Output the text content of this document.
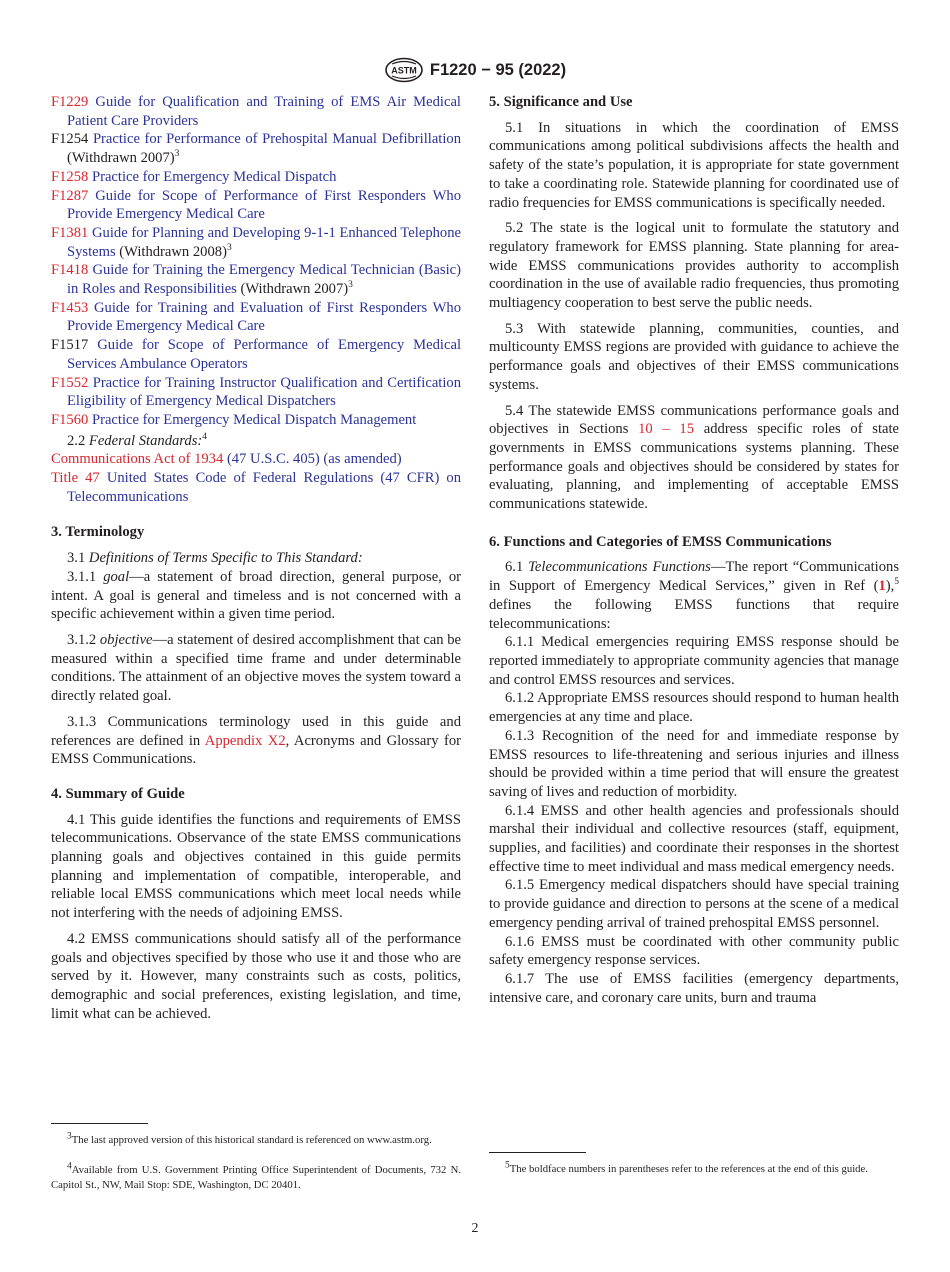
ASTM F1220 − 95 (2022)
F1229 Guide for Qualification and Training of EMS Air Medical Patient Care Providers
F1254 Practice for Performance of Prehospital Manual Defibrillation (Withdrawn 2007)$^3$
F1258 Practice for Emergency Medical Dispatch
F1287 Guide for Scope of Performance of First Responders Who Provide Emergency Medical Care
F1381 Guide for Planning and Developing 9-1-1 Enhanced Telephone Systems (Withdrawn 2008)$^3$
F1418 Guide for Training the Emergency Medical Technician (Basic) in Roles and Responsibilities (Withdrawn 2007)$^3$
F1453 Guide for Training and Evaluation of First Responders Who Provide Emergency Medical Care
F1517 Guide for Scope of Performance of Emergency Medical Services Ambulance Operators
F1552 Practice for Training Instructor Qualification and Certification Eligibility of Emergency Medical Dispatchers
F1560 Practice for Emergency Medical Dispatch Management
2.2 Federal Standards:$^4$
Communications Act of 1934 (47 U.S.C. 405) (as amended)
Title 47 United States Code of Federal Regulations (47 CFR) on Telecommunications
3. Terminology
3.1 Definitions of Terms Specific to This Standard:
3.1.1 goal—a statement of broad direction, general purpose, or intent. A goal is general and timeless and is not concerned with a specific achievement within a given time period.
3.1.2 objective—a statement of desired accomplishment that can be measured within a specified time frame and under determinable conditions. The attainment of an objective moves the system toward a directly related goal.
3.1.3 Communications terminology used in this guide and references are defined in Appendix X2, Acronyms and Glossary for EMSS Communications.
4. Summary of Guide
4.1 This guide identifies the functions and requirements of EMSS telecommunications. Observance of the state EMSS communications planning goals and objectives contained in this guide permits planning and implementation of compatible, interoperable, and reliable local EMSS communications which meet local needs while not interfering with the needs of adjoining EMSS.
4.2 EMSS communications should satisfy all of the performance goals and objectives specified by those who use it and those who are served by it. However, many constraints such as costs, politics, demographic and social preferences, existing legislation, and time, limit what can be achieved.
$^3$The last approved version of this historical standard is referenced on www.astm.org.
$^4$Available from U.S. Government Printing Office Superintendent of Documents, 732 N. Capitol St., NW, Mail Stop: SDE, Washington, DC 20401.
5. Significance and Use
5.1 In situations in which the coordination of EMSS communications among political subdivisions affects the health and safety of the state’s population, it is appropriate for state government to take a coordinating role. Statewide planning for coordinated use of radio frequencies for EMSS communications is specifically needed.
5.2 The state is the logical unit to formulate the statutory and regulatory framework for EMSS planning. State planning for area-wide EMSS communications provides authority to accomplish coordination in the use of available radio frequencies, thus promoting multiagency cooperation to best serve the public needs.
5.3 With statewide planning, communities, counties, and multicounty EMSS regions are provided with guidance to achieve the performance goals and objectives of their EMSS communications systems.
5.4 The statewide EMSS communications performance goals and objectives in Sections 10 – 15 address specific roles of state governments in EMSS communications systems planning. These performance goals and objectives should be considered by states for evaluating, planning, and implementing of acceptable EMSS communications statewide.
6. Functions and Categories of EMSS Communications
6.1 Telecommunications Functions—The report “Communications in Support of Emergency Medical Services,” given in Ref (1),$^5$ defines the following EMSS functions that require telecommunications:
6.1.1 Medical emergencies requiring EMSS response should be reported immediately to appropriate community agencies that manage and control EMSS resources and services.
6.1.2 Appropriate EMSS resources should respond to human health emergencies at any time and place.
6.1.3 Recognition of the need for and immediate response by EMSS resources to life-threatening and serious injuries and illness should be provided within a time period that will ensure the greatest saving of lives and reduction of morbidity.
6.1.4 EMSS and other health agencies and professionals should marshal their individual and collective resources (staff, equipment, supplies, and facilities) and coordinate their responses in the shortest effective time to meet individual and mass medical emergency needs.
6.1.5 Emergency medical dispatchers should have special training to provide guidance and direction to persons at the scene of a medical emergency pending arrival of trained prehospital EMSS personnel.
6.1.6 EMSS must be coordinated with other community public safety emergency response services.
6.1.7 The use of EMSS facilities (emergency departments, intensive care, and coronary care units, burn and trauma
$^5$The boldface numbers in parentheses refer to the references at the end of this guide.
2
